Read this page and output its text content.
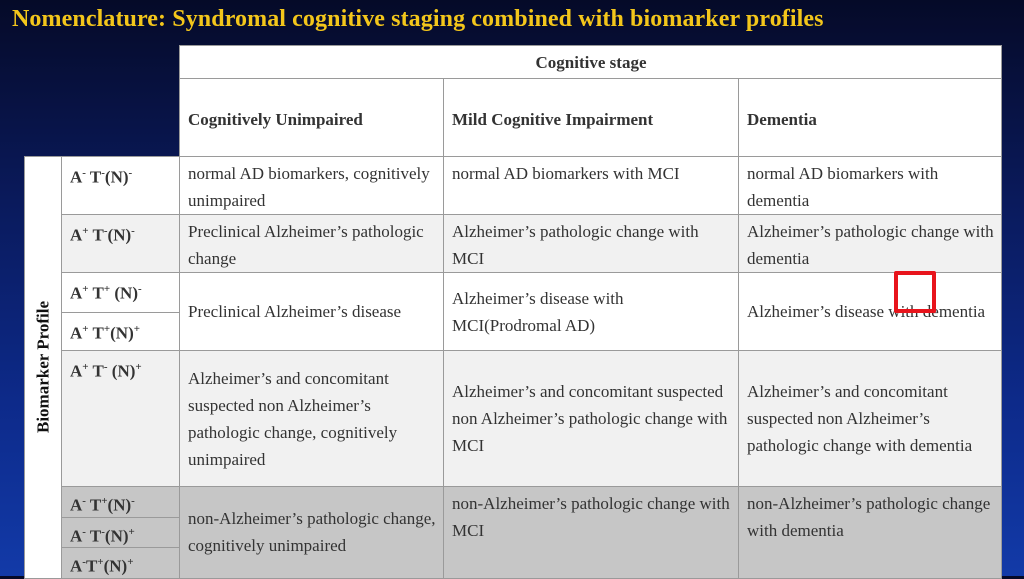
Nomenclature: Syndromal cognitive staging combined with biomarker profiles
		Cognitive stage		
		Cognitively Unimpaired	Mild Cognitive Impairment	Dementia

Biomarker Profile	A- T-(N)-	normal AD biomarkers, cognitively unimpaired	normal AD biomarkers with MCI	normal AD biomarkers with dementia
	A+ T-(N)-	Preclinical Alzheimer’s pathologic change	Alzheimer’s pathologic change with MCI	Alzheimer’s pathologic change with dementia
	A+ T+ (N)-	Preclinical Alzheimer’s disease	Alzheimer’s disease with MCI(Prodromal AD)	Alzheimer’s disease with dementia
	A+ T+(N)+
	A+ T- (N)+	Alzheimer’s and concomitant suspected non Alzheimer’s pathologic change, cognitively unimpaired	Alzheimer’s and concomitant suspected non Alzheimer’s pathologic change with MCI	Alzheimer’s and concomitant suspected non Alzheimer’s pathologic change with dementia
	A- T+(N)-	non-Alzheimer’s pathologic change, cognitively unimpaired	non-Alzheimer’s pathologic change with MCI	non-Alzheimer’s pathologic change with dementia
	A- T-(N)+
	A-T+(N)+
